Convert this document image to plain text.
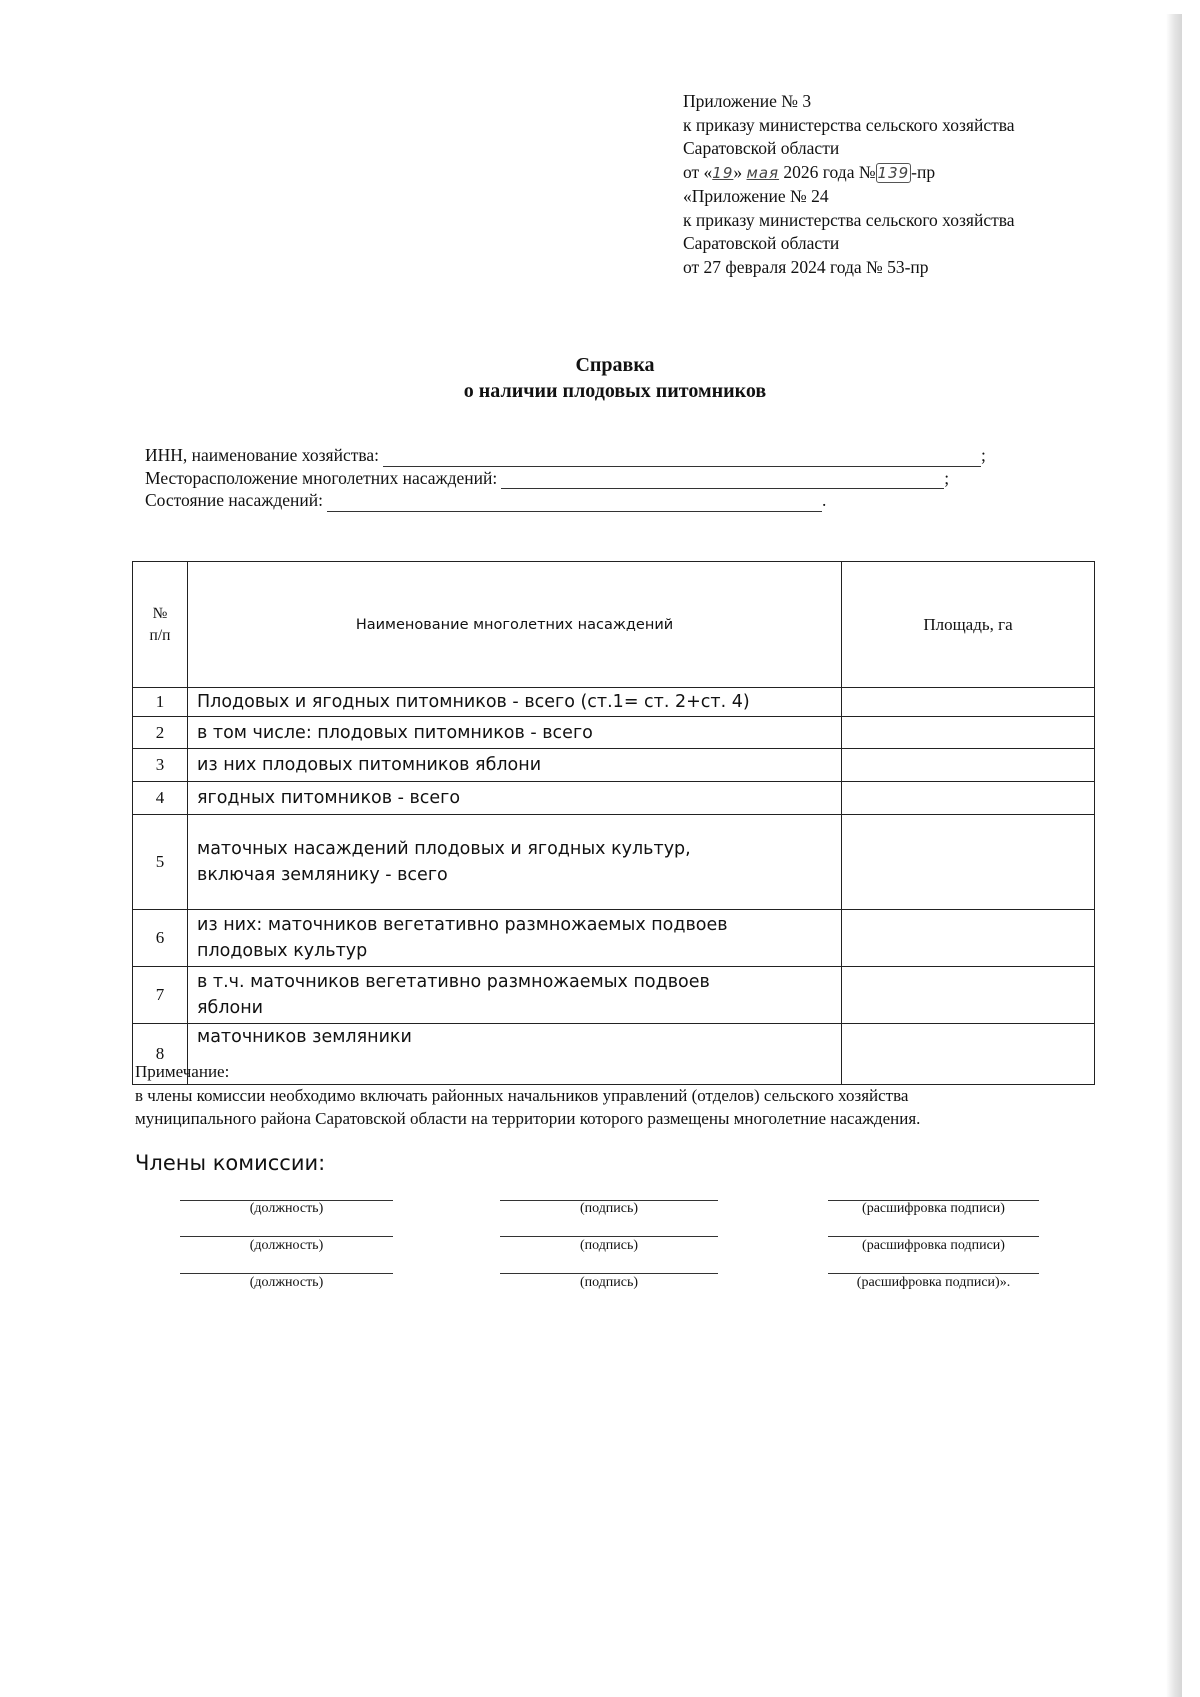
Приложение № 3
к приказу министерства сельского хозяйства
Саратовской области
от «19» мая 2026 года № 139 -пр
«Приложение № 24
к приказу министерства сельского хозяйства
Саратовской области
от 27 февраля 2024 года № 53-пр
Справка
о наличии плодовых питомников
ИНН, наименование хозяйства:	;
Месторасположение многолетних насаждений:	;
Состояние насаждений:	.
№
п/п	Наименование многолетних насаждений	Площадь, га
1	Плодовых и ягодных питомников - всего (ст.1= ст. 2+ст. 4)	
2	в том числе: плодовых питомников - всего	
3	из них плодовых питомников яблони	
4	ягодных питомников - всего	
5	маточных насаждений плодовых и ягодных культур,
включая землянику - всего	

6	из них: маточников вегетативно размножаемых подвоев
плодовых культур	

7	в т.ч. маточников вегетативно размножаемых подвоев
яблони	

8	маточников земляники	
Примечание:
в члены комиссии необходимо включать районных начальников управлений (отделов) сельского хозяйства
муниципального района Саратовской области на территории которого размещены многолетние насаждения.
Члены комиссии:
(должность)	(подпись)	(расшифровка подписи)
(должность)	(подпись)	(расшифровка подписи)
(должность)	(подпись)	(расшифровка подписи)».
